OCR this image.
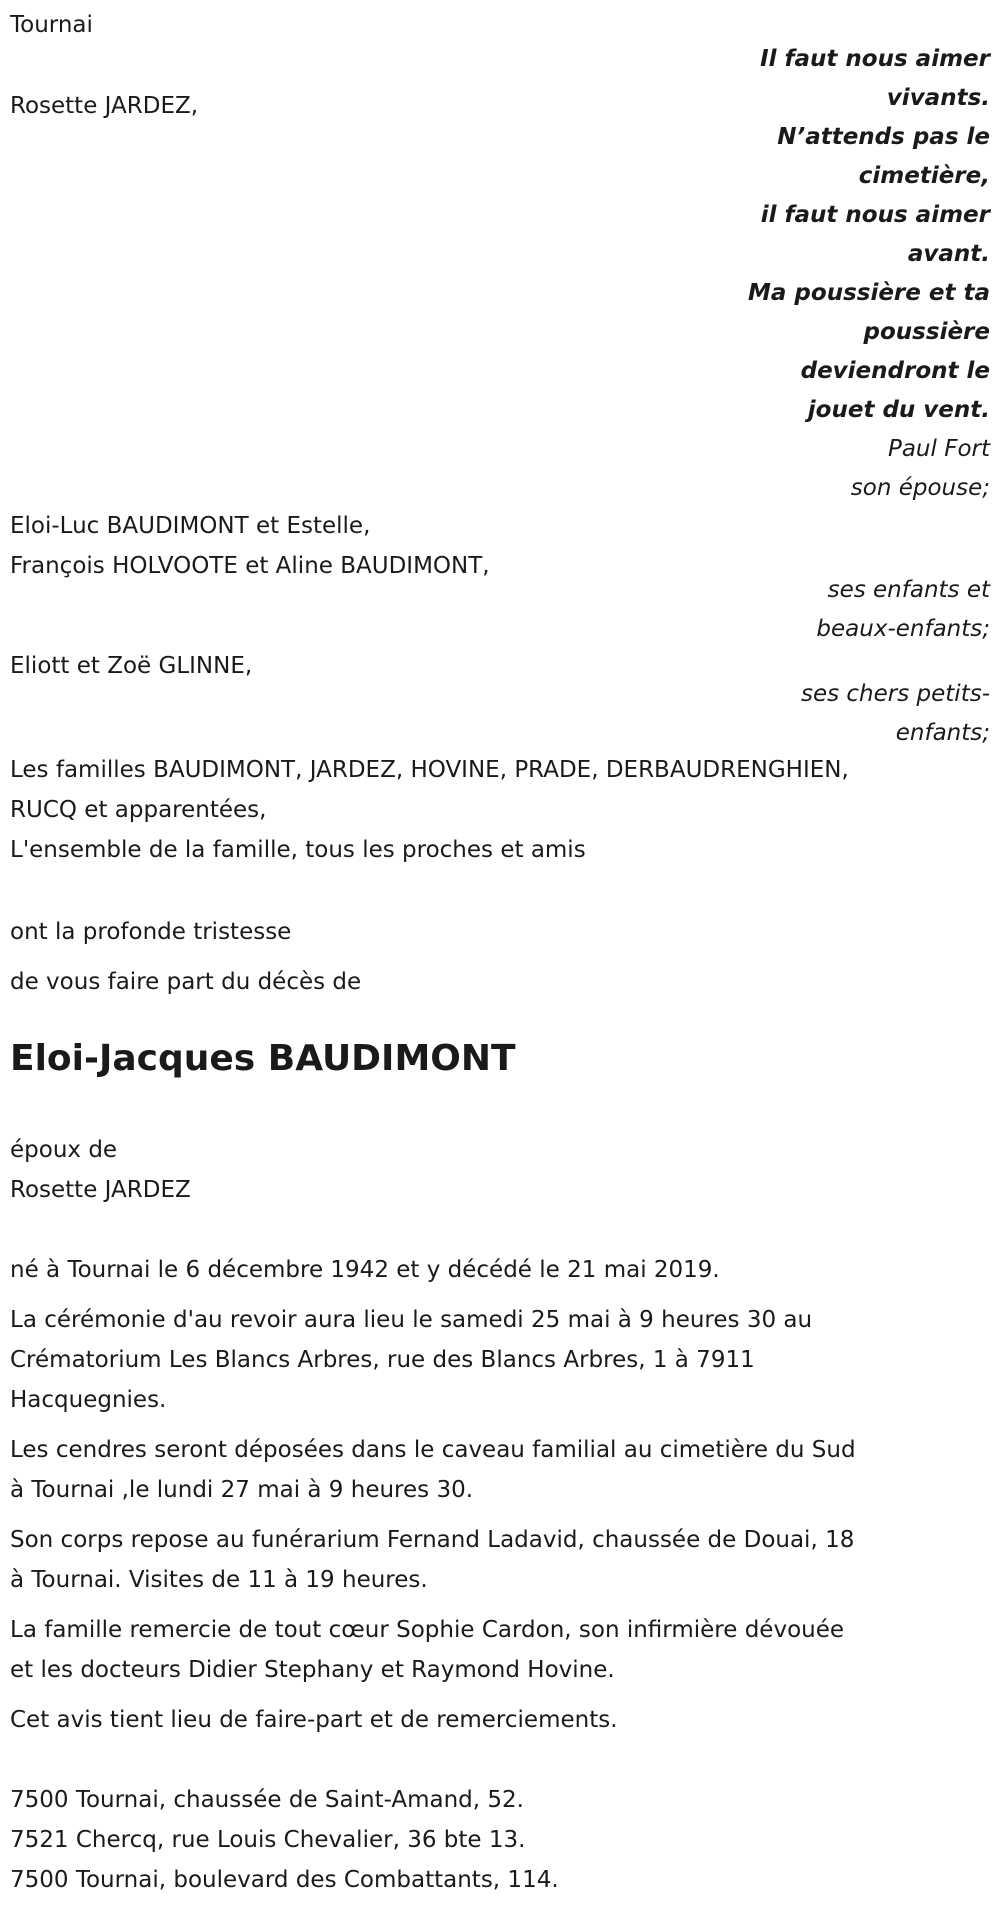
Tournai
Rosette JARDEZ,
Il faut nous aimer
vivants.
N’attends pas le
cimetière,
il faut nous aimer
avant.
Ma poussière et ta
poussière
deviendront le
jouet du vent.
Paul Fort
son épouse;
Eloi-Luc BAUDIMONT et Estelle,
François HOLVOOTE et Aline BAUDIMONT,
ses enfants et
beaux-enfants;
Eliott et Zoë GLINNE,
ses chers petits-
enfants;
Les familles BAUDIMONT, JARDEZ, HOVINE, PRADE, DERBAUDRENGHIEN,
RUCQ et apparentées,
L'ensemble de la famille, tous les proches et amis
ont la profonde tristesse
de vous faire part du décès de
Eloi-Jacques BAUDIMONT
époux de
Rosette JARDEZ
né à Tournai le 6 décembre 1942 et y décédé le 21 mai 2019.
La cérémonie d'au revoir aura lieu le samedi 25 mai à 9 heures 30 au
Crématorium Les Blancs Arbres, rue des Blancs Arbres, 1 à 7911
Hacquegnies.
Les cendres seront déposées dans le caveau familial au cimetière du Sud
à Tournai ,le lundi 27 mai à 9 heures 30.
Son corps repose au funérarium Fernand Ladavid, chaussée de Douai, 18
à Tournai. Visites de 11 à 19 heures.
La famille remercie de tout cœur Sophie Cardon, son infirmière dévouée
et les docteurs Didier Stephany et Raymond Hovine.
Cet avis tient lieu de faire-part et de remerciements.
7500 Tournai, chaussée de Saint-Amand, 52.
7521 Chercq, rue Louis Chevalier, 36 bte 13.
7500 Tournai, boulevard des Combattants, 114.
